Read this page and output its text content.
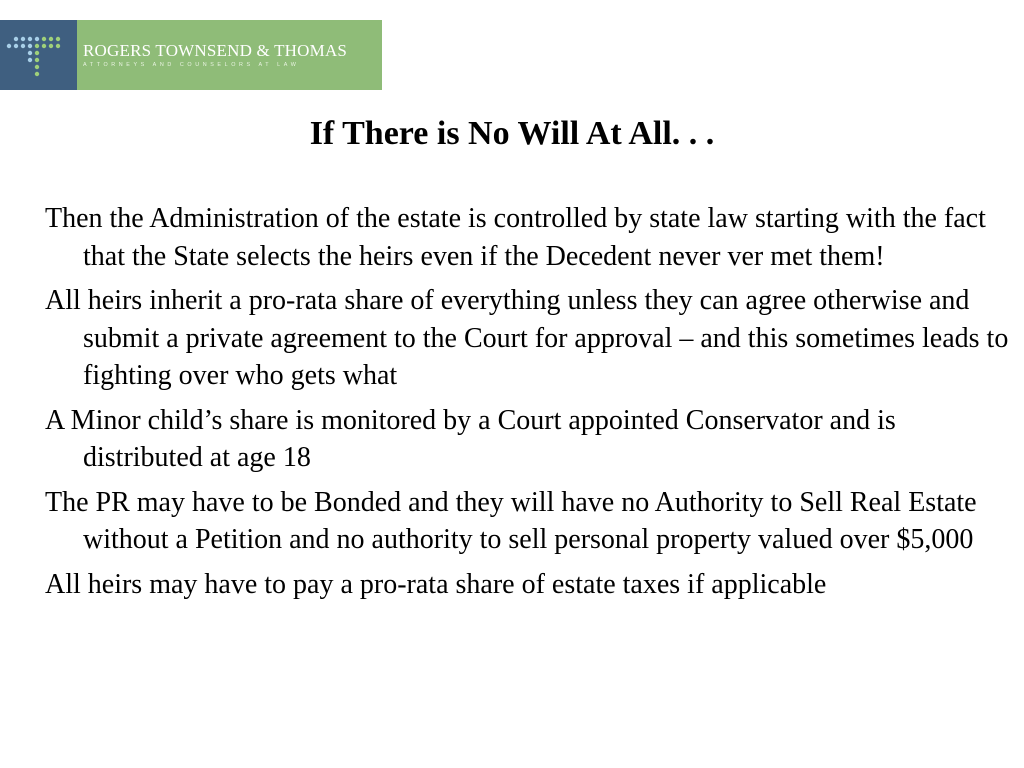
ROGERS TOWNSEND & THOMAS
ATTORNEYS AND COUNSELORS AT LAW
If There is No Will At All. . .
Then the Administration of the estate is controlled by state law starting with the fact that the State selects the heirs even if the Decedent never ver met them!
All heirs inherit a pro-rata share of everything unless they can agree otherwise and submit a private agreement to the Court for approval – and this sometimes leads to fighting over who gets what
A Minor child’s share is monitored by a Court appointed Conservator and is distributed at age 18
The PR may have to be Bonded and they will have no Authority to Sell Real Estate without a Petition and no authority to sell personal property valued over $5,000
All heirs may have to pay a pro-rata share of estate taxes if applicable
